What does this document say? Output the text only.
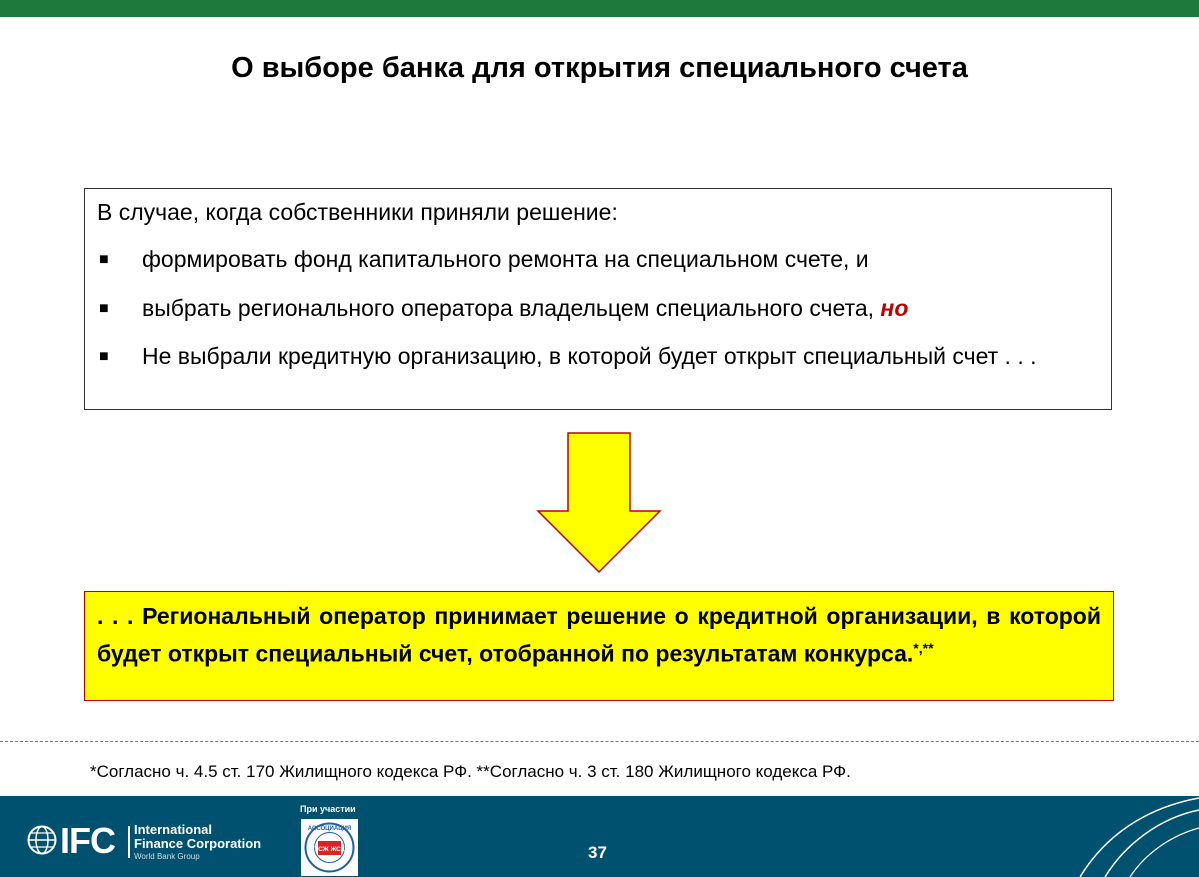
О выборе банка для открытия специального счета
В случае, когда собственники приняли решение:
■ формировать фонд капитального ремонта на специальном счете, и
■ выбрать регионального оператора владельцем специального счета, но
■ Не выбрали кредитную организацию, в которой будет открыт специальный счет . . .
. . . Региональный оператор принимает решение о кредитной организации, в которой будет открыт специальный счет, отобранной по результатам конкурса.*,**
*Согласно ч. 4.5 ст. 170 Жилищного кодекса РФ. **Согласно ч. 3 ст. 180 Жилищного кодекса РФ.
IFC International
Finance Corporation
World Bank Group
При участии
АССОЦИАЦИЯ
ТСЖ ЖСК	37
